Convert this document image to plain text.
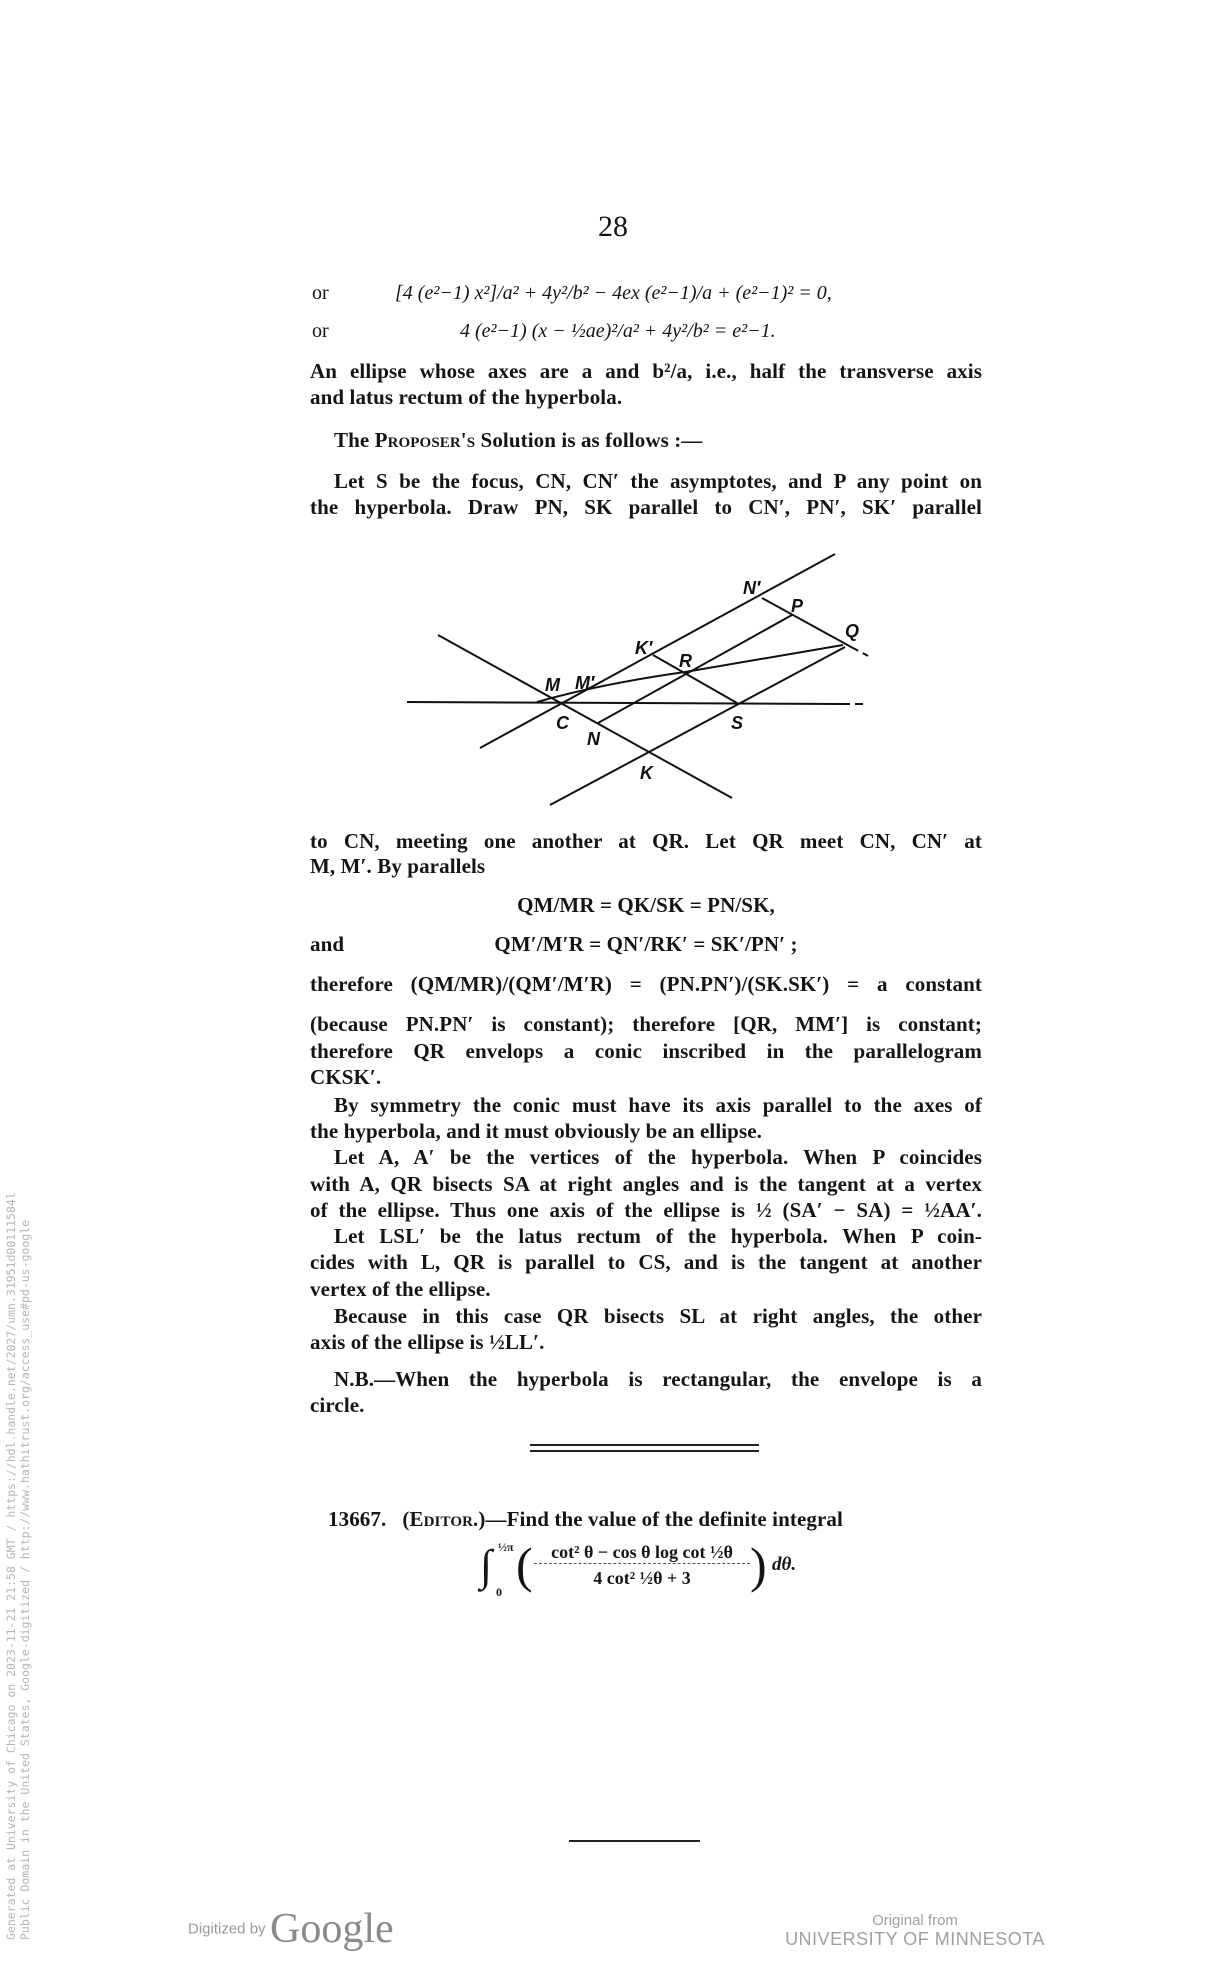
28
or	[4 (e²−1) x²]/a² + 4y²/b² − 4ex (e²−1)/a + (e²−1)² = 0,
or	4 (e²−1) (x − ½ae)²/a² + 4y²/b² = e²−1.
An ellipse whose axes are a and b²/a, i.e., half the transverse axis
and latus rectum of the hyperbola.
The Proposer's Solution is as follows :—
Let S be the focus, CN, CN′ the asymptotes, and P any point on
the hyperbola. Draw PN, SK parallel to CN′, PN′, SK′ parallel
N′
P
Q
K′
R
M M′
C
N
S
K
to CN, meeting one another at QR. Let QR meet CN, CN′ at
M, M′. By parallels
QM/MR = QK/SK = PN/SK,
and	QM′/M′R = QN′/RK′ = SK′/PN′ ;
therefore (QM/MR)/(QM′/M′R) = (PN.PN′)/(SK.SK′) = a constant
(because PN.PN′ is constant); therefore [QR, MM′] is constant;
therefore QR envelops a conic inscribed in the parallelogram
CKSK′.
By symmetry the conic must have its axis parallel to the axes of
the hyperbola, and it must obviously be an ellipse.
Let A, A′ be the vertices of the hyperbola. When P coincides
with A, QR bisects SA at right angles and is the tangent at a vertex
of the ellipse. Thus one axis of the ellipse is ½ (SA′ − SA) = ½AA′.
Let LSL′ be the latus rectum of the hyperbola. When P coin-
cides with L, QR is parallel to CS, and is the tangent at another
vertex of the ellipse.
Because in this case QR bisects SL at right angles, the other
axis of the ellipse is ½LL′.
N.B.—When the hyperbola is rectangular, the envelope is a
circle.
13667. (Editor.)—Find the value of the definite integral
∫ ½π
0 (	cot² θ − cos θ log cot ½θ
4 cot² ½θ + 3	) dθ.
Generated at University of Chicago on 2023-11-21 21:58 GMT / https://hdl.handle.net/2027/umn.31951d00111584l Public Domain in the United States, Google-digitized / http://www.hathitrust.org/access_use#pd-us-google	Digitized by Google	Original from
UNIVERSITY OF MINNESOTA
